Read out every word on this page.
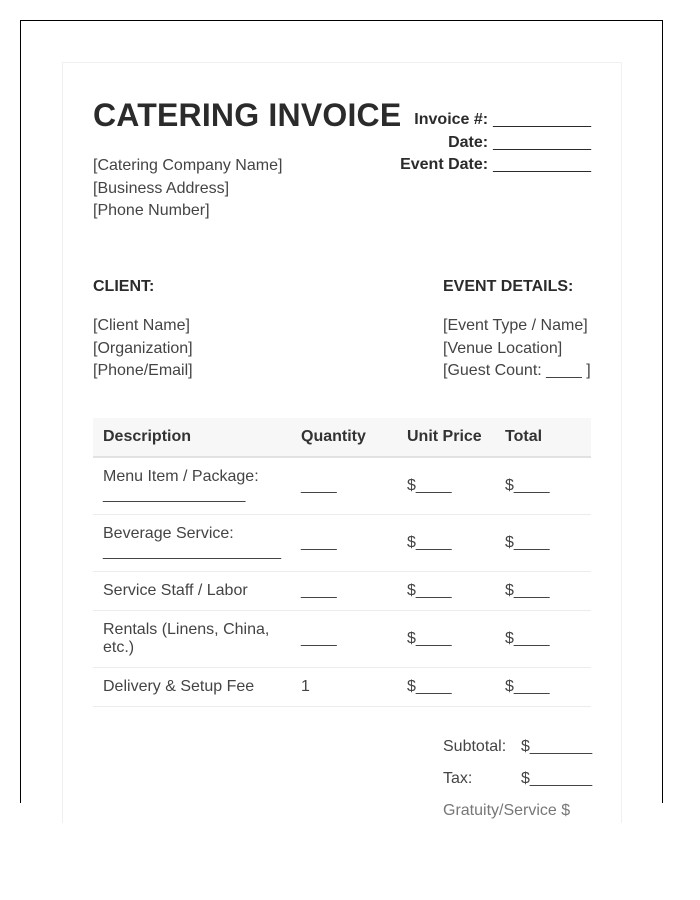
CATERING INVOICE
[Catering Company Name]
[Business Address]
[Phone Number]
Invoice #: ___________
Date: ___________
Event Date: ___________
CLIENT:	EVENT DETAILS:
[Client Name]
[Organization]
[Phone/Email]
[Event Type / Name]
[Venue Location]
[Guest Count: ____ ]
Description	Quantity	Unit Price	Total

Menu Item / Package:
________________	____	$____	$____

Beverage Service:
____________________	____	$____	$____
Service Staff / Labor	____	$____	$____

Rentals (Linens, China,
etc.)	____	$____	$____
Delivery & Setup Fee	1	$____	$____
Subtotal: $_______
Tax:	$_______
Gratuity/Service $
